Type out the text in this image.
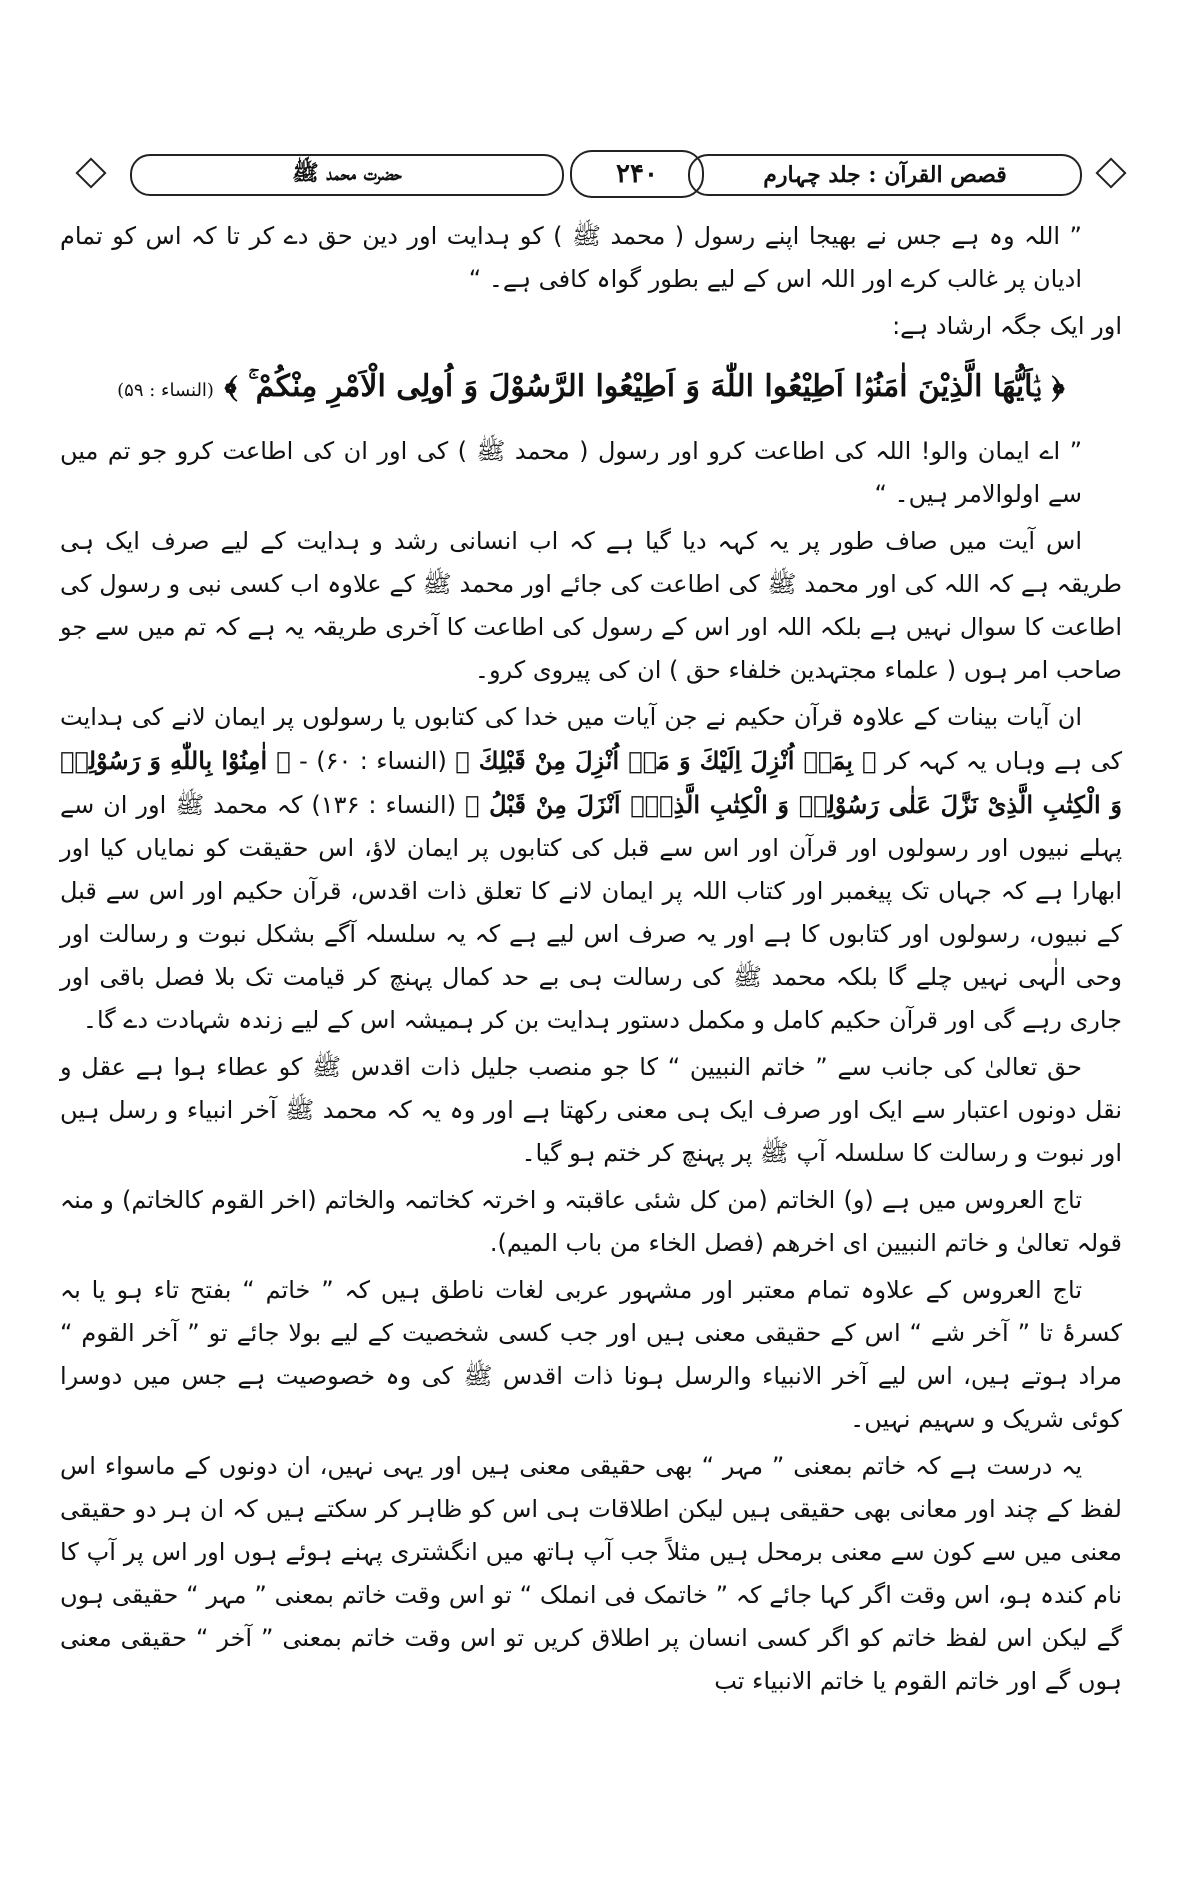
حضرت محمد ﷺ	۲۴۰	قصص القرآن : جلد چہارم

” اللہ وہ ہے جس نے بھیجا اپنے رسول ( محمد ﷺ ) کو ہدایت اور دین حق دے کر تا کہ اس کو تمام ادیان پر غالب کرے اور اللہ اس کے لیے بطور گواہ کافی ہے۔ “

اور ایک جگہ ارشاد ہے:

﴿ یٰۤاَیُّهَا الَّذِیْنَ اٰمَنُوْۤا اَطِیْعُوا اللّٰهَ وَ اَطِیْعُوا الرَّسُوْلَ وَ اُولِی الْاَمْرِ مِنْكُمْ ۚ ﴾ (النساء : ۵۹)

” اے ایمان والو! اللہ کی اطاعت کرو اور رسول ( محمد ﷺ ) کی اور ان کی اطاعت کرو جو تم میں سے اولوالامر ہیں۔ “

اس آیت میں صاف طور پر یہ کہہ دیا گیا ہے کہ اب انسانی رشد و ہدایت کے لیے صرف ایک ہی طریقہ ہے کہ اللہ کی اور محمد ﷺ کی اطاعت کی جائے اور محمد ﷺ کے علاوہ اب کسی نبی و رسول کی اطاعت کا سوال نہیں ہے بلکہ اللہ اور اس کے رسول کی اطاعت کا آخری طریقہ یہ ہے کہ تم میں سے جو صاحب امر ہوں ( علماء مجتہدین خلفاء حق ) ان کی پیروی کرو۔

ان آیات بینات کے علاوہ قرآن حکیم نے جن آیات میں خدا کی کتابوں یا رسولوں پر ایمان لانے کی ہدایت کی ہے وہاں یہ کہہ کر ﴿ بِمَاۤ اُنْزِلَ اِلَیْكَ وَ مَاۤ اُنْزِلَ مِنْ قَبْلِكَ ﴾ (النساء : ۶۰) - ﴿ اٰمِنُوْا بِاللّٰهِ وَ رَسُوْلِهٖ وَ الْكِتٰبِ الَّذِیْ نَزَّلَ عَلٰى رَسُوْلِهٖ وَ الْكِتٰبِ الَّذِیْۤ اَنْزَلَ مِنْ قَبْلُ ﴾ (النساء : ۱۳۶) کہ محمد ﷺ اور ان سے پہلے نبیوں اور رسولوں اور قرآن اور اس سے قبل کی کتابوں پر ایمان لاؤ، اس حقیقت کو نمایاں کیا اور ابھارا ہے کہ جہاں تک پیغمبر اور کتاب اللہ پر ایمان لانے کا تعلق ذات اقدس، قرآن حکیم اور اس سے قبل کے نبیوں، رسولوں اور کتابوں کا ہے اور یہ صرف اس لیے ہے کہ یہ سلسلہ آگے بشکل نبوت و رسالت اور وحی الٰہی نہیں چلے گا بلکہ محمد ﷺ کی رسالت ہی بے حد کمال پہنچ کر قیامت تک بلا فصل باقی اور جاری رہے گی اور قرآن حکیم کامل و مکمل دستور ہدایت بن کر ہمیشہ اس کے لیے زندہ شہادت دے گا۔

حق تعالیٰ کی جانب سے ” خاتم النبیین “ کا جو منصب جلیل ذات اقدس ﷺ کو عطاء ہوا ہے عقل و نقل دونوں اعتبار سے ایک اور صرف ایک ہی معنی رکھتا ہے اور وہ یہ کہ محمد ﷺ آخر انبیاء و رسل ہیں اور نبوت و رسالت کا سلسلہ آپ ﷺ پر پہنچ کر ختم ہو گیا۔

تاج العروس میں ہے (و) الخاتم (من کل شئی عاقبتہ و اخرتہ کخاتمہ والخاتم (اخر القوم کالخاتم) و منہ قولہ تعالیٰ و خاتم النبیین ای اخرھم (فصل الخاء من باب المیم).

تاج العروس کے علاوہ تمام معتبر اور مشہور عربی لغات ناطق ہیں کہ ” خاتم “ بفتح تاء ہو یا بہ کسرۂ تا ” آخر شے “ اس کے حقیقی معنی ہیں اور جب کسی شخصیت کے لیے بولا جائے تو ” آخر القوم “ مراد ہوتے ہیں، اس لیے آخر الانبیاء والرسل ہونا ذات اقدس ﷺ کی وہ خصوصیت ہے جس میں دوسرا کوئی شریک و سہیم نہیں۔

یہ درست ہے کہ خاتم بمعنی ” مہر “ بھی حقیقی معنی ہیں اور یہی نہیں، ان دونوں کے ماسواء اس لفظ کے چند اور معانی بھی حقیقی ہیں لیکن اطلاقات ہی اس کو ظاہر کر سکتے ہیں کہ ان ہر دو حقیقی معنی میں سے کون سے معنی برمحل ہیں مثلاً جب آپ ہاتھ میں انگشتری پہنے ہوئے ہوں اور اس پر آپ کا نام کندہ ہو، اس وقت اگر کہا جائے کہ ” خاتمک فی انملک “ تو اس وقت خاتم بمعنی ” مہر “ حقیقی ہوں گے لیکن اس لفظ خاتم کو اگر کسی انسان پر اطلاق کریں تو اس وقت خاتم بمعنی ” آخر “ حقیقی معنی ہوں گے اور خاتم القوم یا خاتم الانبیاء تب
